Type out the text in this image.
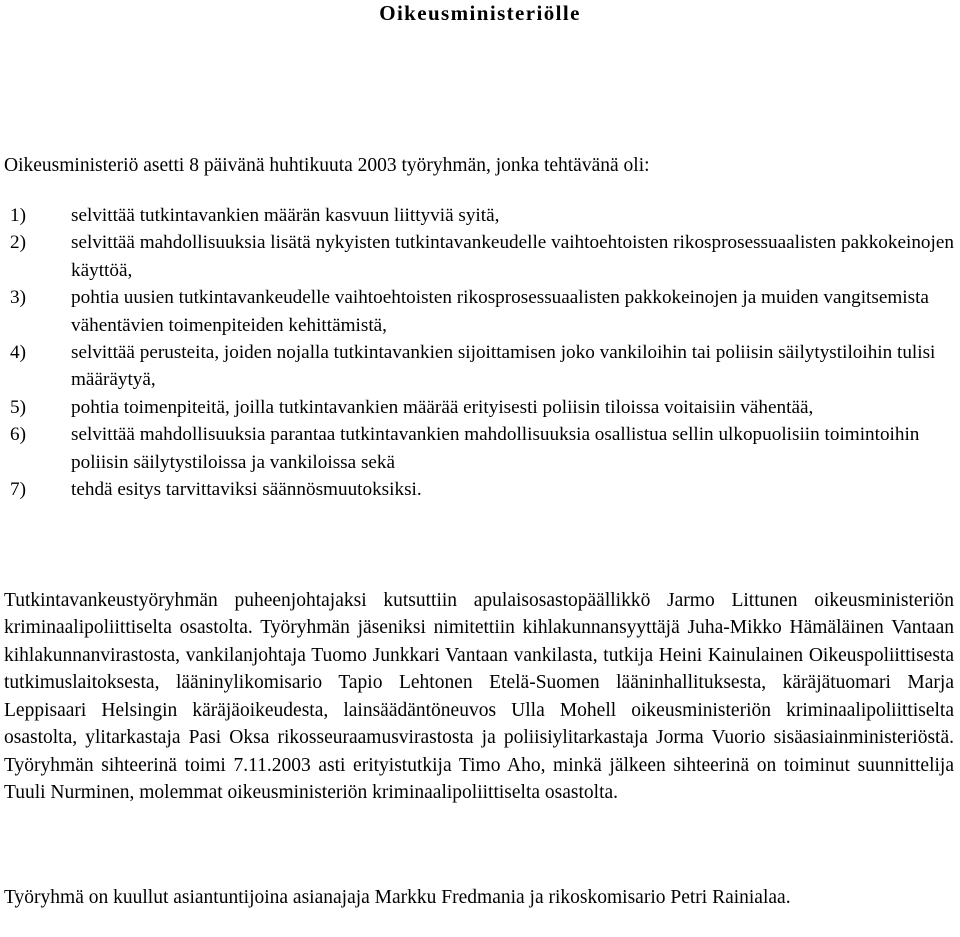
Oikeusministeriölle

Oikeusministeriö asetti 8 päivänä huhtikuuta 2003 työryhmän, jonka tehtävänä oli:

1)	selvittää tutkintavankien määrän kasvuun liittyviä syitä,
2)	selvittää mahdollisuuksia lisätä nykyisten tutkintavankeudelle vaihtoehtoisten rikosprosessuaalisten pakkokeinojen käyttöä,
3)	pohtia uusien tutkintavankeudelle vaihtoehtoisten rikosprosessuaalisten pakkokeinojen ja muiden vangitsemista vähentävien toimenpiteiden kehittämistä,
4)	selvittää perusteita, joiden nojalla tutkintavankien sijoittamisen joko vankiloihin tai poliisin säilytystiloihin tulisi määräytyä,
5)	pohtia toimenpiteitä, joilla tutkintavankien määrää erityisesti poliisin tiloissa voitaisiin vähentää,
6)	selvittää mahdollisuuksia parantaa tutkintavankien mahdollisuuksia osallistua sellin ulkopuolisiin toimintoihin poliisin säilytystiloissa ja vankiloissa sekä
7)	tehdä esitys tarvittaviksi säännösmuutoksiksi.

Tutkintavankeustyöryhmän puheenjohtajaksi kutsuttiin apulaisosastopäällikkö Jarmo Littunen oikeusministeriön kriminaalipoliittiselta osastolta. Työryhmän jäseniksi nimitettiin kihlakunnansyyttäjä Juha-Mikko Hämäläinen Vantaan kihlakunnanvirastosta, vankilanjohtaja Tuomo Junkkari Vantaan vankilasta, tutkija Heini Kainulainen Oikeuspoliittisesta tutkimuslaitoksesta, lääninylikomisario Tapio Lehtonen Etelä-Suomen lääninhallituksesta, käräjätuomari Marja Leppisaari Helsingin käräjäoikeudesta, lainsäädäntöneuvos Ulla Mohell oikeusministeriön kriminaalipoliittiselta osastolta, ylitarkastaja Pasi Oksa rikosseuraamusvirastosta ja poliisiylitarkastaja Jorma Vuorio sisäasiainministeriöstä. Työryhmän sihteerinä toimi 7.11.2003 asti erityistutkija Timo Aho, minkä jälkeen sihteerinä on toiminut suunnittelija Tuuli Nurminen, molemmat oikeusministeriön kriminaalipoliittiselta osastolta.

Työryhmä on kuullut asiantuntijoina asianajaja Markku Fredmania ja rikoskomisario Petri Rainialaa.
